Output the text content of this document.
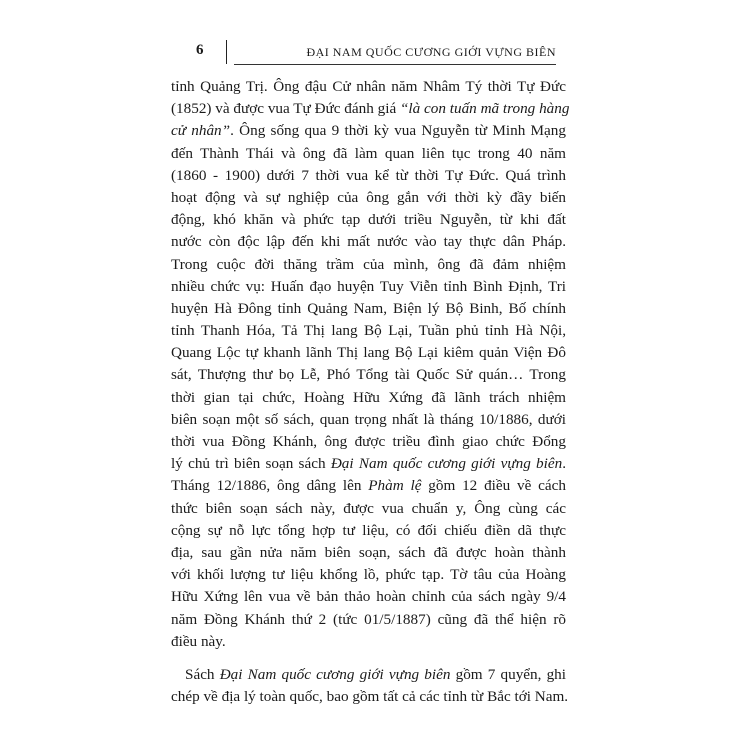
6	ĐẠI NAM QUỐC CƯƠNG GIỚI VỰNG BIÊN
tỉnh Quảng Trị. Ông đậu Cử nhân năm Nhâm Tý thời Tự Đức
(1852) và được vua Tự Đức đánh giá “là con tuấn mã trong hàng
cử nhân”. Ông sống qua 9 thời kỳ vua Nguyễn từ Minh Mạng
đến Thành Thái và ông đã làm quan liên tục trong 40 năm
(1860 - 1900) dưới 7 thời vua kể từ thời Tự Đức. Quá trình
hoạt động và sự nghiệp của ông gắn với thời kỳ đầy biến
động, khó khăn và phức tạp dưới triều Nguyễn, từ khi đất
nước còn độc lập đến khi mất nước vào tay thực dân Pháp.
Trong cuộc đời thăng trầm của mình, ông đã đảm nhiệm
nhiều chức vụ: Huấn đạo huyện Tuy Viễn tỉnh Bình Định, Tri
huyện Hà Đông tỉnh Quảng Nam, Biện lý Bộ Binh, Bố chính
tỉnh Thanh Hóa, Tả Thị lang Bộ Lại, Tuần phủ tỉnh Hà Nội,
Quang Lộc tự khanh lãnh Thị lang Bộ Lại kiêm quản Viện Đô
sát, Thượng thư bọ Lễ, Phó Tổng tài Quốc Sử quán… Trong
thời gian tại chức, Hoàng Hữu Xứng đã lãnh trách nhiệm
biên soạn một số sách, quan trọng nhất là tháng 10/1886, dưới
thời vua Đồng Khánh, ông được triều đình giao chức Đổng
lý chủ trì biên soạn sách Đại Nam quốc cương giới vựng biên.
Tháng 12/1886, ông dâng lên Phàm lệ gồm 12 điều về cách
thức biên soạn sách này, được vua chuẩn y, Ông cùng các
cộng sự nỗ lực tổng hợp tư liệu, có đối chiếu điền dã thực
địa, sau gần nửa năm biên soạn, sách đã được hoàn thành
với khối lượng tư liệu khổng lồ, phức tạp. Tờ tâu của Hoàng
Hữu Xứng lên vua về bản thảo hoàn chỉnh của sách ngày 9/4
năm Đồng Khánh thứ 2 (tức 01/5/1887) cũng đã thể hiện rõ
điều này.
Sách Đại Nam quốc cương giới vựng biên gồm 7 quyển, ghi
chép về địa lý toàn quốc, bao gồm tất cả các tỉnh từ Bắc tới Nam.
